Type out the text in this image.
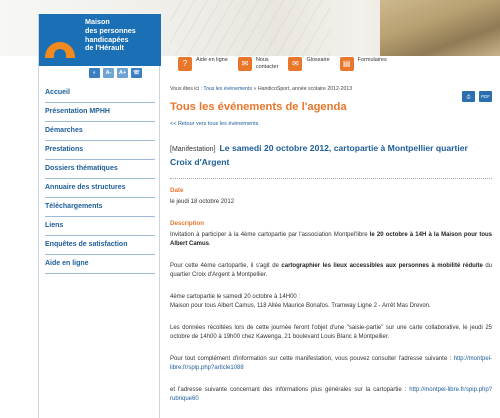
?	Aide en ligne	✉	Nous
contacter	✉	Glossaire	▤	Formulaires
Maison
des personnes
handicapées
de l'Hérault
◐	A-	A+	☏
Accueil
Présentation MPHH
Démarches
Prestations
Dossiers thématiques
Annuaire des structures
Téléchargements
Liens
Enquêtes de satisfaction
Aide en ligne
Vous êtes ici : Tous les événements » HandicoSport, année scolaire 2012-2013
⎙	PDF
Tous les événements de l'agenda
<< Retour vers tous les événements
[Manifestation] Le samedi 20 octobre 2012, cartopartie à Montpellier quartier Croix d'Argent
Date
le jeudi 18 octobre 2012
Description
Invitation à participer à la 4ème cartopartie par l'association Montpel'libre le 20 octobre à 14H à la Maison pour tous Albert Camus.
Pour cette 4ème cartopartie, il s'agit de cartographier les lieux accessibles aux personnes à mobilité réduite du quartier Croix d'Argent à Montpellier.
4ème cartopartie le samedi 20 octobre à 14H00 :
Maison pour tous Albert Camus, 118 Allée Maurice Bonafos. Tramway Ligne 2 - Arrêt Mas Drevon.
Les données récoltées lors de cette journée feront l'objet d'une "saisie-partie" sur une carte collaborative, le jeudi 25 octobre de 14h00 à 19h00 chez Kawenga, 21 boulevard Louis Blanc à Montpellier.
Pour tout complément d'information sur cette manifestation, vous pouvez consulter l'adresse suivante : http://montpel-libre.fr/spip.php?article1088
et l'adresse suivante concernant des informations plus générales sur la cartopartie : http://montpel-libre.fr/spip.php?rubrique60
